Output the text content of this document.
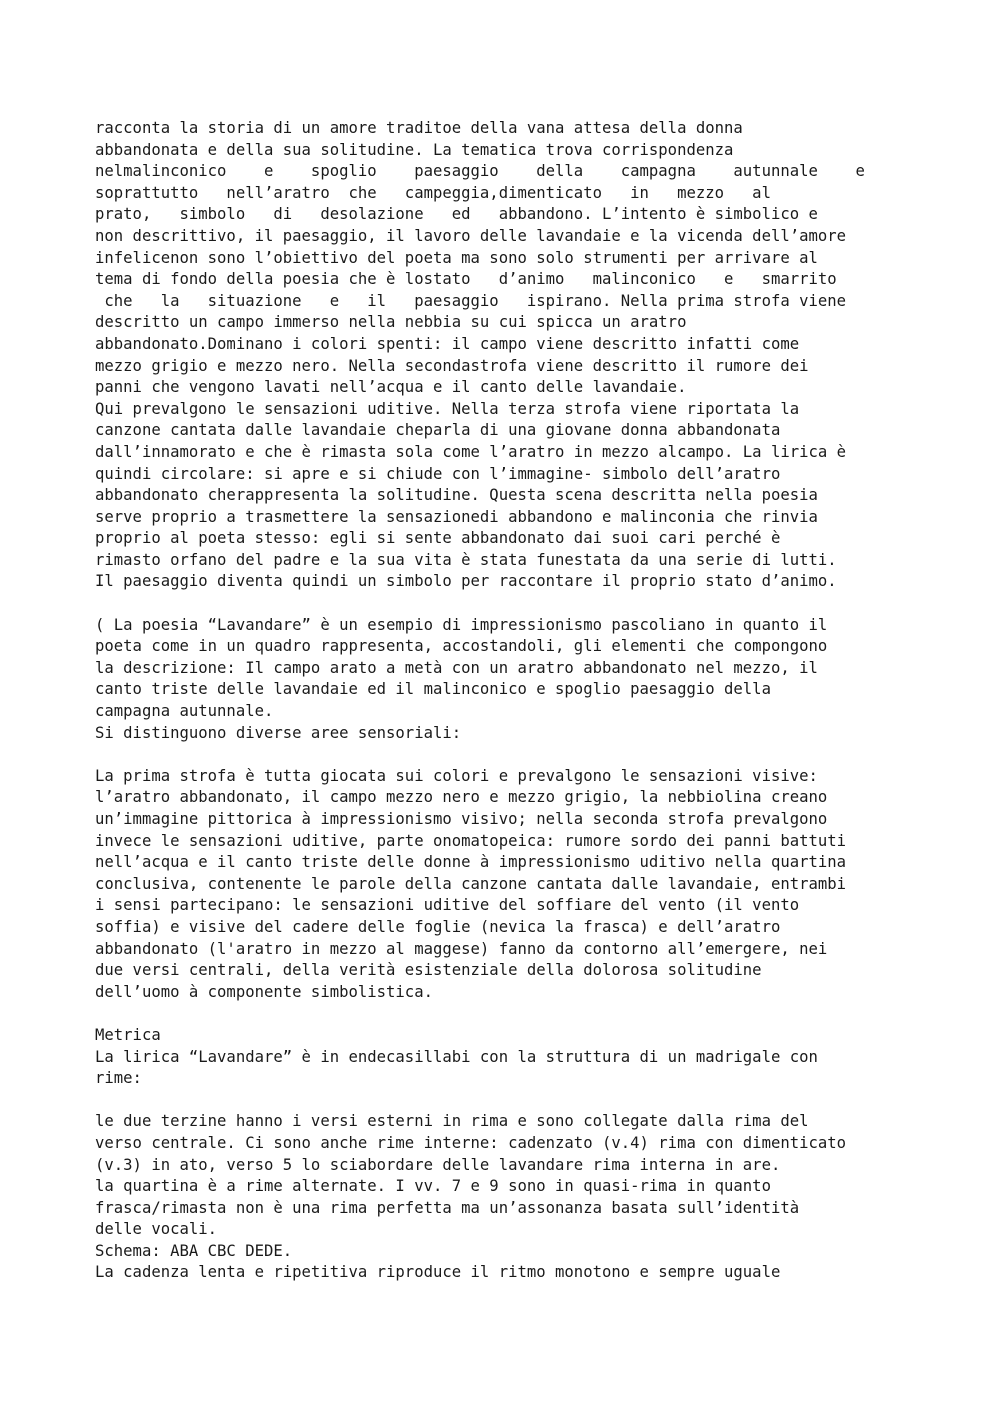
racconta la storia di un amore traditoe della vana attesa della donna
abbandonata e della sua solitudine. La tematica trova corrispondenza
nelmalinconico    e    spoglio    paesaggio    della    campagna    autunnale    e
soprattutto   nell’aratro  che   campeggia,dimenticato   in   mezzo   al
prato,   simbolo   di   desolazione   ed   abbandono. L’intento è simbolico e
non descrittivo, il paesaggio, il lavoro delle lavandaie e la vicenda dell’amore
infelicenon sono l’obiettivo del poeta ma sono solo strumenti per arrivare al
tema di fondo della poesia che è lostato   d’animo   malinconico   e   smarrito
che   la   situazione   e   il   paesaggio   ispirano. Nella prima strofa viene
descritto un campo immerso nella nebbia su cui spicca un aratro
abbandonato.Dominano i colori spenti: il campo viene descritto infatti come
mezzo grigio e mezzo nero. Nella secondastrofa viene descritto il rumore dei
panni che vengono lavati nell’acqua e il canto delle lavandaie.
Qui prevalgono le sensazioni uditive. Nella terza strofa viene riportata la
canzone cantata dalle lavandaie cheparla di una giovane donna abbandonata
dall’innamorato e che è rimasta sola come l’aratro in mezzo alcampo. La lirica è
quindi circolare: si apre e si chiude con l’immagine- simbolo dell’aratro
abbandonato cherappresenta la solitudine. Questa scena descritta nella poesia
serve proprio a trasmettere la sensazionedi abbandono e malinconia che rinvia
proprio al poeta stesso: egli si sente abbandonato dai suoi cari perché è
rimasto orfano del padre e la sua vita è stata funestata da una serie di lutti.
Il paesaggio diventa quindi un simbolo per raccontare il proprio stato d’animo.
( La poesia “Lavandare” è un esempio di impressionismo pascoliano in quanto il
poeta come in un quadro rappresenta, accostandoli, gli elementi che compongono
la descrizione: Il campo arato a metà con un aratro abbandonato nel mezzo, il
canto triste delle lavandaie ed il malinconico e spoglio paesaggio della
campagna autunnale.
Si distinguono diverse aree sensoriali:
La prima strofa è tutta giocata sui colori e prevalgono le sensazioni visive:
l’aratro abbandonato, il campo mezzo nero e mezzo grigio, la nebbiolina creano
un’immagine pittorica à impressionismo visivo; nella seconda strofa prevalgono
invece le sensazioni uditive, parte onomatopeica: rumore sordo dei panni battuti
nell’acqua e il canto triste delle donne à impressionismo uditivo nella quartina
conclusiva, contenente le parole della canzone cantata dalle lavandaie, entrambi
i sensi partecipano: le sensazioni uditive del soffiare del vento (il vento
soffia) e visive del cadere delle foglie (nevica la frasca) e dell’aratro
abbandonato (l'aratro in mezzo al maggese) fanno da contorno all’emergere, nei
due versi centrali, della verità esistenziale della dolorosa solitudine
dell’uomo à componente simbolistica.
Metrica
La lirica “Lavandare” è in endecasillabi con la struttura di un madrigale con
rime:
le due terzine hanno i versi esterni in rima e sono collegate dalla rima del
verso centrale. Ci sono anche rime interne: cadenzato (v.4) rima con dimenticato
(v.3) in ato, verso 5 lo sciabordare delle lavandare rima interna in are.
la quartina è a rime alternate. I vv. 7 e 9 sono in quasi-rima in quanto
frasca/rimasta non è una rima perfetta ma un’assonanza basata sull’identità
delle vocali.
Schema: ABA CBC DEDE.
La cadenza lenta e ripetitiva riproduce il ritmo monotono e sempre uguale
